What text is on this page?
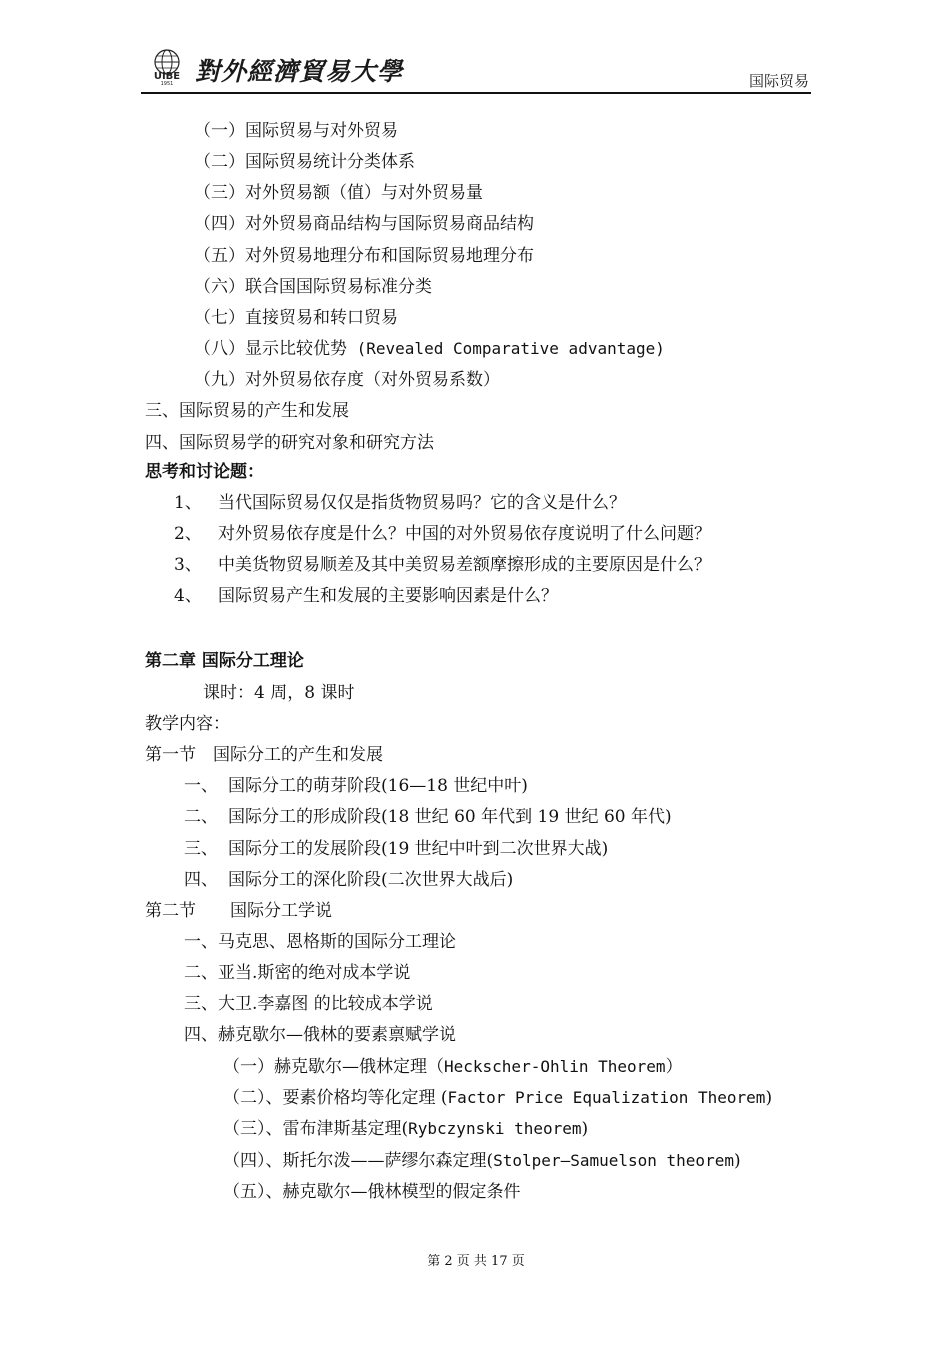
UIBE
1951 對外經濟貿易大學	国际贸易
（一）国际贸易与对外贸易
（二）国际贸易统计分类体系
（三）对外贸易额（值）与对外贸易量
（四）对外贸易商品结构与国际贸易商品结构
（五）对外贸易地理分布和国际贸易地理分布
（六）联合国国际贸易标准分类
（七）直接贸易和转口贸易
（八）显示比较优势 (Revealed Comparative advantage)
（九）对外贸易依存度（对外贸易系数）
三、国际贸易的产生和发展
四、国际贸易学的研究对象和研究方法
思考和讨论题：
1、 当代国际贸易仅仅是指货物贸易吗？它的含义是什么？
2、 对外贸易依存度是什么？中国的对外贸易依存度说明了什么问题？
3、 中美货物贸易顺差及其中美贸易差额摩擦形成的主要原因是什么？
4、 国际贸易产生和发展的主要影响因素是什么？
第二章 国际分工理论
课时：4 周，8 课时
教学内容：
第一节　国际分工的产生和发展
一、 国际分工的萌芽阶段(16—18 世纪中叶)
二、 国际分工的形成阶段(18 世纪 60 年代到 19 世纪 60 年代)
三、 国际分工的发展阶段(19 世纪中叶到二次世界大战)
四、 国际分工的深化阶段(二次世界大战后)
第二节　　国际分工学说
一、马克思、恩格斯的国际分工理论
二、亚当.斯密的绝对成本学说
三、大卫.李嘉图 的比较成本学说
四、赫克歇尔—俄林的要素禀赋学说
（一）赫克歇尔—俄林定理（Heckscher-Ohlin Theorem）
（二）、要素价格均等化定理 (Factor Price Equalization Theorem)
（三）、雷布津斯基定理(Rybczynski theorem)
（四）、斯托尔泼——萨缪尔森定理(Stolper—Samuelson theorem)
（五）、赫克歇尔—俄林模型的假定条件
第 2 页 共 17 页
